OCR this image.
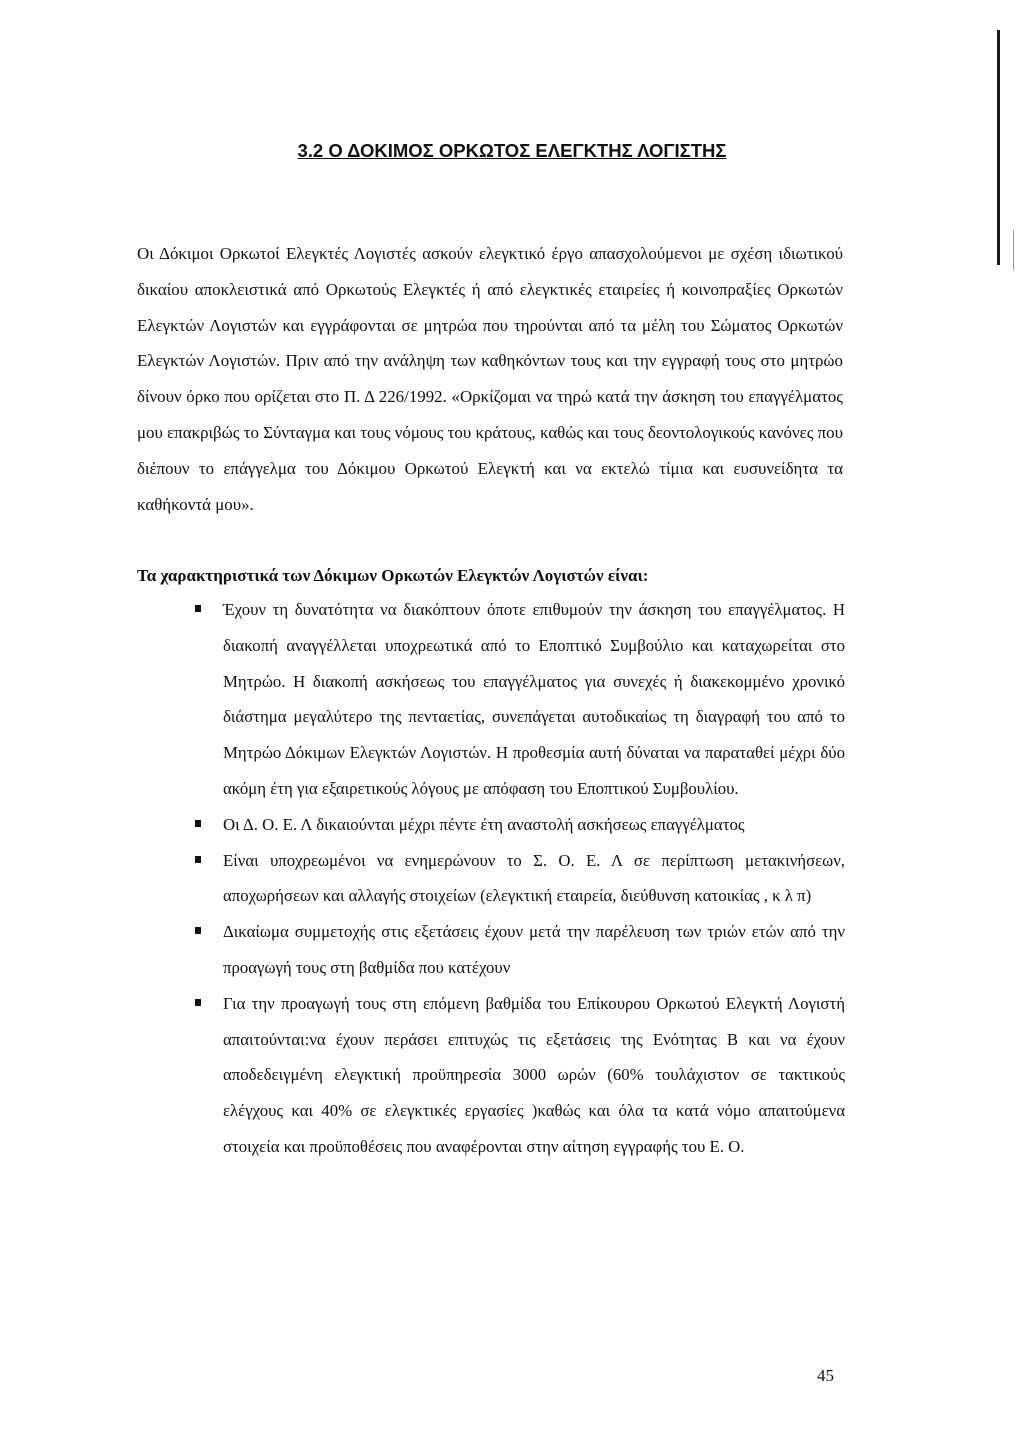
3.2 Ο ΔΟΚΙΜΟΣ ΟΡΚΩΤΟΣ ΕΛΕΓΚΤΗΣ ΛΟΓΙΣΤΗΣ

Οι Δόκιμοι Ορκωτοί Ελεγκτές Λογιστές ασκούν ελεγκτικό έργο απασχολούμενοι με σχέση ιδιωτικού δικαίου αποκλειστικά από Ορκωτούς Ελεγκτές ή από ελεγκτικές εταιρείες ή κοινοπραξίες Ορκωτών Ελεγκτών Λογιστών και εγγράφονται σε μητρώα που τηρούνται από τα μέλη του Σώματος Ορκωτών Ελεγκτών Λογιστών. Πριν από την ανάληψη των καθηκόντων τους και την εγγραφή τους στο μητρώο δίνουν όρκο που ορίζεται στο Π. Δ 226/1992. «Ορκίζομαι να τηρώ κατά την άσκηση του επαγγέλματος μου επακριβώς το Σύνταγμα και τους νόμους του κράτους, καθώς και τους δεοντολογικούς κανόνες που διέπουν το επάγγελμα του Δόκιμου Ορκωτού Ελεγκτή και να εκτελώ τίμια και ευσυνείδητα τα καθήκοντά μου».

Τα χαρακτηριστικά των Δόκιμων Ορκωτών Ελεγκτών Λογιστών είναι:

Έχουν τη δυνατότητα να διακόπτουν όποτε επιθυμούν την άσκηση του επαγγέλματος. Η διακοπή αναγγέλλεται υποχρεωτικά από το Εποπτικό Συμβούλιο και καταχωρείται στο Μητρώο. Η διακοπή ασκήσεως του επαγγέλματος για συνεχές ή διακεκομμένο χρονικό διάστημα μεγαλύτερο της πενταετίας, συνεπάγεται αυτοδικαίως τη διαγραφή του από το Μητρώο Δόκιμων Ελεγκτών Λογιστών. Η προθεσμία αυτή δύναται να παραταθεί μέχρι δύο ακόμη έτη για εξαιρετικούς λόγους με απόφαση του Εποπτικού Συμβουλίου.
Οι Δ. Ο. Ε. Λ δικαιούνται μέχρι πέντε έτη αναστολή ασκήσεως επαγγέλματος
Είναι υποχρεωμένοι να ενημερώνουν το Σ. Ο. Ε. Λ σε περίπτωση μετακινήσεων, αποχωρήσεων και αλλαγής στοιχείων (ελεγκτική εταιρεία, διεύθυνση κατοικίας , κ λ π)
Δικαίωμα συμμετοχής στις εξετάσεις έχουν μετά την παρέλευση των τριών ετών από την προαγωγή τους στη βαθμίδα που κατέχουν
Για την προαγωγή τους στη επόμενη βαθμίδα του Επίκουρου Ορκωτού Ελεγκτή Λογιστή απαιτούνται:να έχουν περάσει επιτυχώς τις εξετάσεις της Ενότητας Β και να έχουν αποδεδειγμένη ελεγκτική προϋπηρεσία 3000 ωρών (60% τουλάχιστον σε τακτικούς ελέγχους και 40% σε ελεγκτικές εργασίες )καθώς και όλα τα κατά νόμο απαιτούμενα στοιχεία και προϋποθέσεις που αναφέρονται στην αίτηση εγγραφής του Ε. Ο.

45
